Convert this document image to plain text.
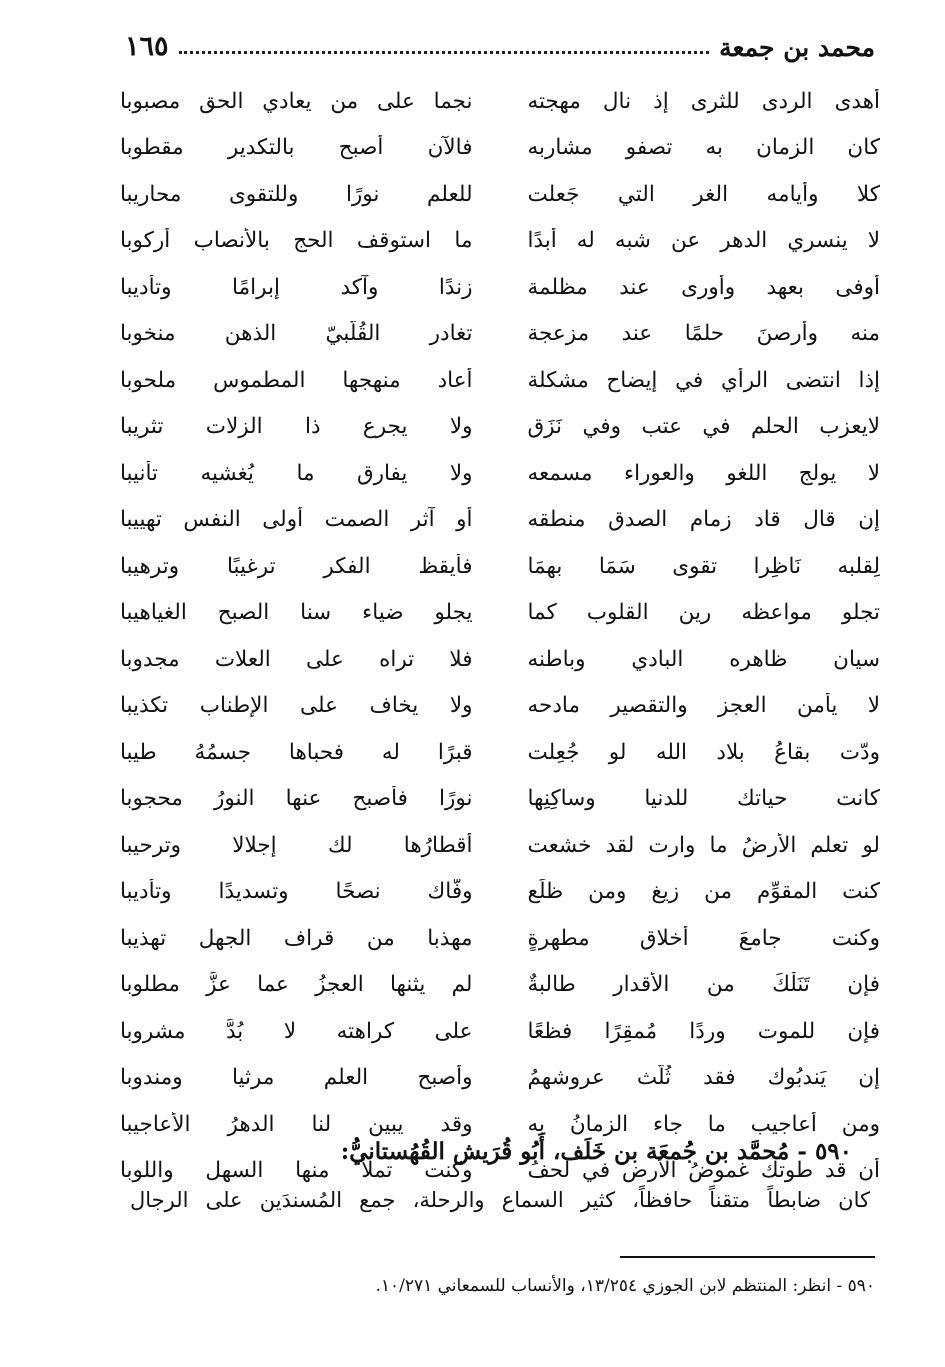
محمد بن جمعة
١٦٥
أهدى الردى للثرى إذ نال مهجته
نجما على من يعادي الحق مصبوبا
كان الزمان به تصفو مشاربه
فالآن أصبح بالتكدير مقطوبا
كلا وأيامه الغر التي جَعلت
للعلم نورًا وللتقوى محاريبا
لا ينسري الدهر عن شبه له أبدًا
ما استوقف الحج بالأنصاب أركوبا
أوفى بعهد وأورى عند مظلمة
زندًا وآكد إبرامًا وتأديبا
منه وأرصنَ حلمًا عند مزعجة
تغادر القُلّبيّ الذهن منخوبا
إذا انتضى الرأي في إيضاح مشكلة
أعاد منهجها المطموس ملحوبا
لايعزب الحلم في عتب وفي نَزَق
ولا يجرع ذا الزلات تثريبا
لا يولج اللغو والعوراء مسمعه
ولا يفارق ما يُغشيه تأنيبا
إن قال قاد زمام الصدق منطقه
أو آثر الصمت أولى النفس تهييبا
لِقلبه نَاظِرا تقوى سَمَا بهمَا
فأيقظ الفكر ترغيبًا وترهيبا
تجلو مواعظه رين القلوب كما
يجلو ضياء سنا الصبح الغياهيبا
سيان ظاهره البادي وباطنه
فلا تراه على العلات مجدوبا
لا يأمن العجز والتقصير مادحه
ولا يخاف على الإطناب تكذيبا
ودّت بقاعُ بلاد الله لو جُعِلت
قبرًا له فحباها جسمُهُ طيبا
كانت حياتك للدنيا وساكِنِها
نورًا فأصبح عنها النورُ محجوبا
لو تعلم الأرضُ ما وارت لقد خشعت
أقطارُها لك إجلالا وترحيبا
كنت المقوِّم من زيغ ومن ظلَع
وفّاك نصحًا وتسديدًا وتأديبا
وكنت جامعَ أخلاق مطهرةٍ
مهذبا من قراف الجهل تهذيبا
فإن تَنَلْكَ من الأقدار طالبةٌ
لم يثنها العجزُ عما عزَّ مطلوبا
فإن للموت وردًا مُمقِرًا فظعًا
على كراهته لا بُدَّ مشروبا
إن يَندبُوك فقد ثُلّث عروشهمُ
وأصبح العلم مرثيا ومندوبا
ومن أعاجيب ما جاء الزمانُ به
وقد يبين لنا الدهرُ الأعاجيبا
أن قد طوتك غموضُ الأرض في لحفَ
وكنت تملأ منها السهل واللوبا
٥٩٠ - مُحمَّد بن جُمعَة بن خَلَف، أَبُو قُرَيش القُهُستانيُّ:
كان ضابطاً متقناً حافظاً، كثير السماع والرحلة، جمع المُسندَين على الرجال
٥٩٠ - انظر: المنتظم لابن الجوزي ١٣/٢٥٤، والأنساب للسمعاني ١٠/٢٧١.
